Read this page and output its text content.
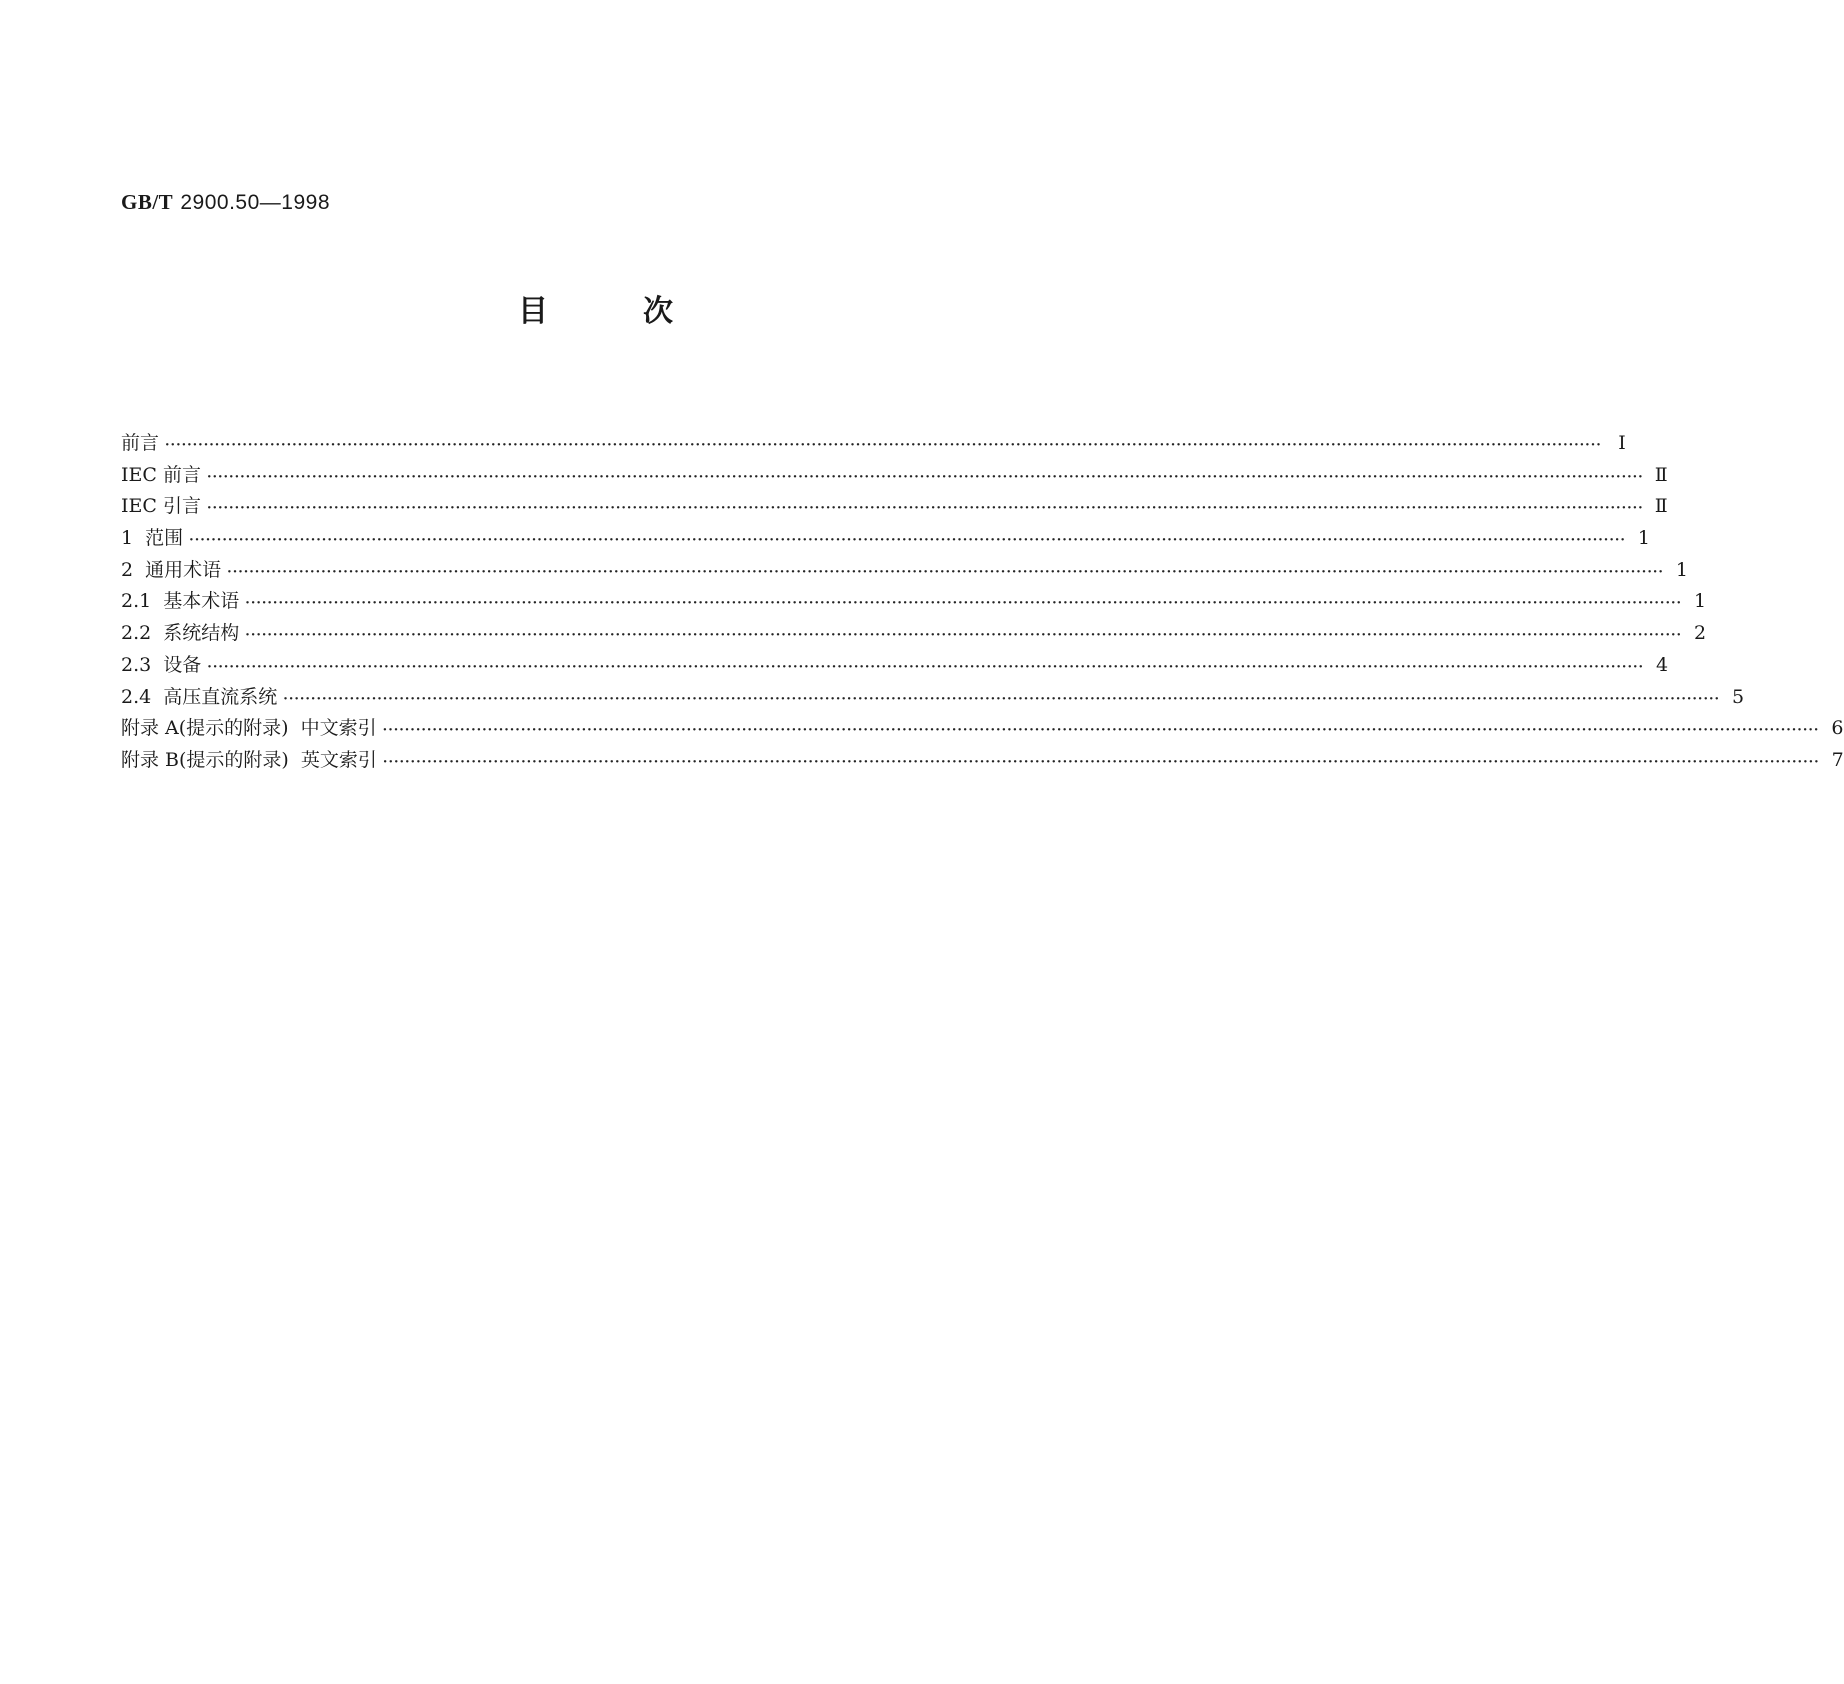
GB/T 2900.50—1998
目	次
前言 ···································································································································································································································································· I
IEC 前言 ···································································································································································································································································· Ⅱ
IEC 引言 ···································································································································································································································································· Ⅱ
1  范围 ···································································································································································································································································· 1
2  通用术语 ···································································································································································································································································· 1
2.1  基本术语 ···································································································································································································································································· 1
2.2  系统结构 ···································································································································································································································································· 2
2.3  设备 ···································································································································································································································································· 4
2.4  高压直流系统 ···································································································································································································································································· 5
附录 A(提示的附录)  中文索引 ···································································································································································································································································· 6
附录 B(提示的附录)  英文索引 ···································································································································································································································································· 7
